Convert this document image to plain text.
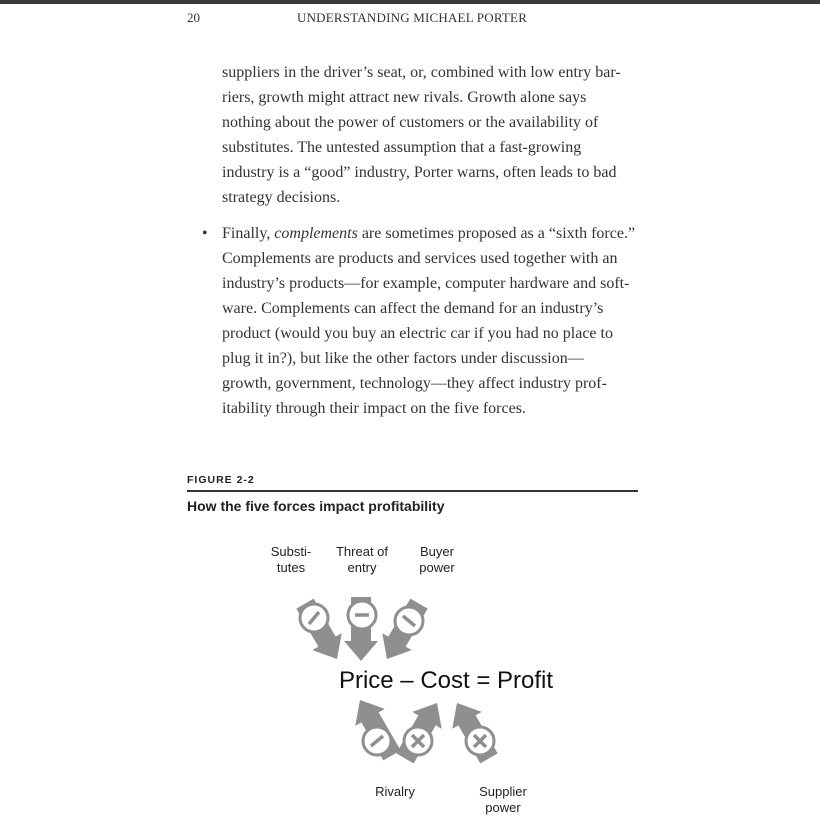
20	UNDERSTANDING MICHAEL PORTER

suppliers in the driver’s seat, or, combined with low entry bar-
riers, growth might attract new rivals. Growth alone says
nothing about the power of customers or the availability of
substitutes. The untested assumption that a fast-growing
industry is a “good” industry, Porter warns, often leads to bad
strategy decisions.

• Finally, complements are sometimes proposed as a “sixth force.”
Complements are products and services used together with an
industry’s products—for example, computer hardware and soft-
ware. Complements can affect the demand for an industry’s
product (would you buy an electric car if you had no place to
plug it in?), but like the other factors under discussion—
growth, government, technology—they affect industry prof-
itability through their impact on the five forces.

FIGURE 2-2
How the five forces impact profitability
Substi-
tutes
Threat of
entry
Buyer
power
Price – Cost = Profit
Rivalry	Supplier
power
